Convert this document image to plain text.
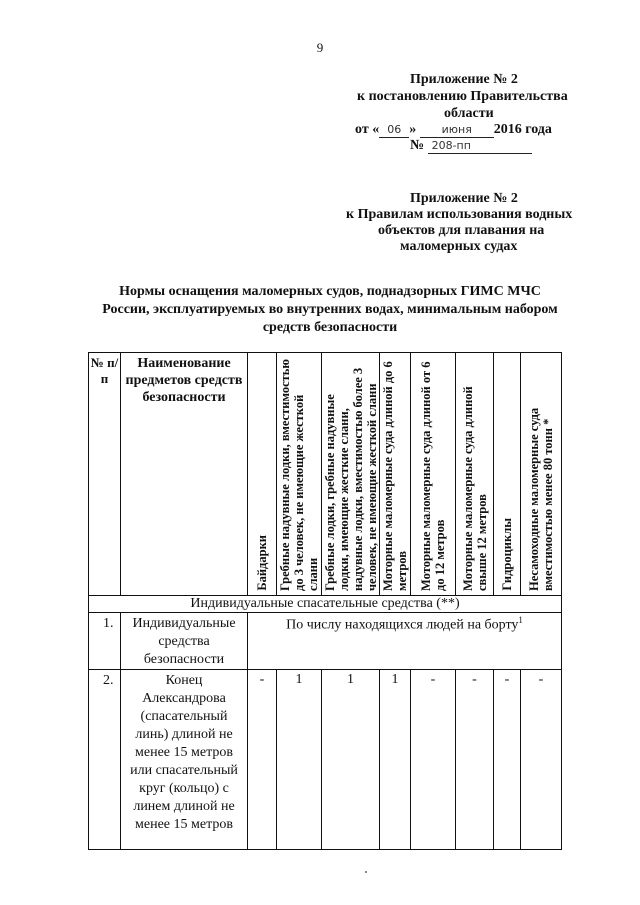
9
Приложение № 2
к постановлению Правительства
области
от « 06 » июня 2016 года
№ 208-пп
Приложение № 2
к Правилам использования водных
объектов для плавания на
маломерных судах
Нормы оснащения маломерных судов, поднадзорных ГИМС МЧС
России, эксплуатируемых во внутренних водах, минимальным набором
средств безопасности
№ п/п	Наименование предметов средств безопасности	Байдарки	Гребные надувные лодки, вместимостью до 3 человек, не имеющие жесткой слани	Гребные лодки, гребные надувные лодки, имеющие жесткие слани, надувные лодки, вместимостью более 3 человек, не имеющие жесткой слани	Моторные маломерные суда длиной до 6 метров	Моторные маломерные суда длиной от 6 до 12 метров	Моторные маломерные суда длиной свыше 12 метров	Гидроциклы	Несамоходные маломерные суда вместимостью менее 80 тонн *

Индивидуальные спасательные средства (**)									
1.	Индивидуальные средства безопасности	По числу находящихся людей на борту$^1$
2.	Конец Александрова (спасательный линь) длиной не менее 15 метров или спасательный круг (кольцо) с линем длиной не менее 15 метров	-	1	1	1	-	-	-	-
